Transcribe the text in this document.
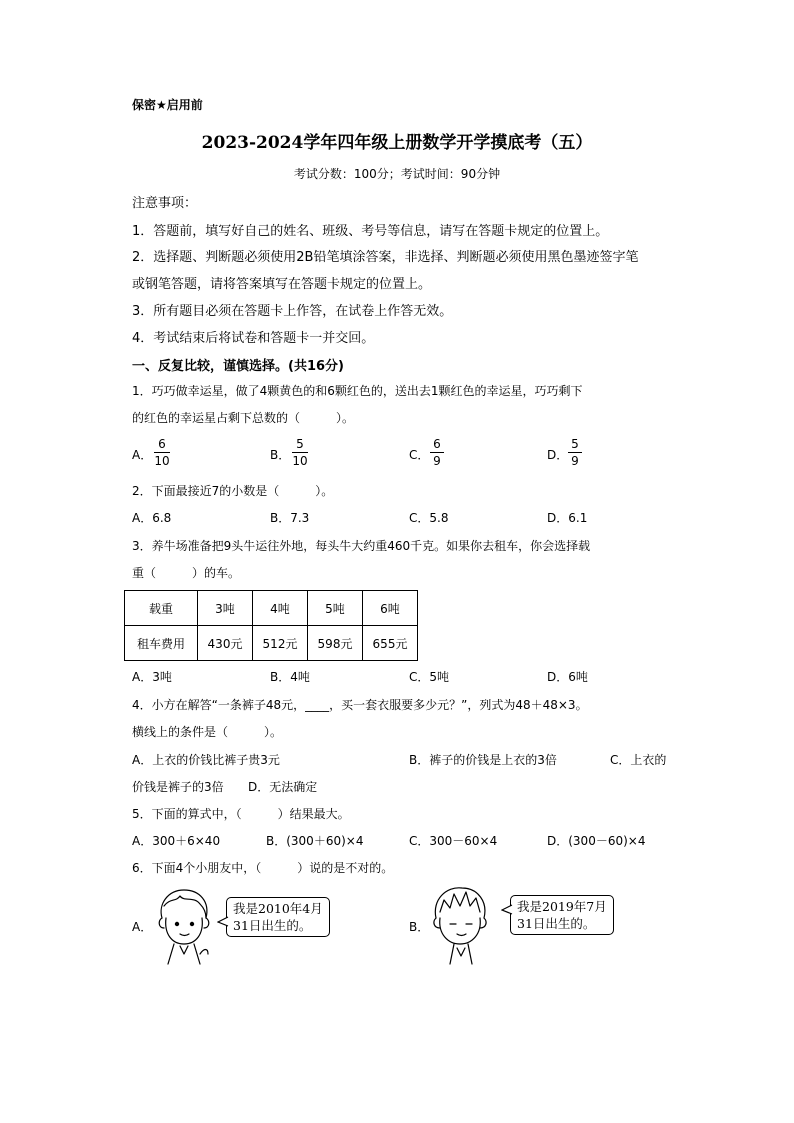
保密★启用前
2023-2024学年四年级上册数学开学摸底考（五）
考试分数：100分；考试时间：90分钟
注意事项：
1．答题前，填写好自己的姓名、班级、考号等信息，请写在答题卡规定的位置上。
2．选择题、判断题必须使用2B铅笔填涂答案，非选择、判断题必须使用黑色墨迹签字笔
或钢笔答题，请将答案填写在答题卡规定的位置上。
3．所有题目必须在答题卡上作答，在试卷上作答无效。
4．考试结束后将试卷和答题卡一并交回。
一、反复比较，谨慎选择。(共16分)
1．巧巧做幸运星，做了4颗黄色的和6颗红色的，送出去1颗红色的幸运星，巧巧剩下
的红色的幸运星占剩下总数的（　　　）。
A．
6
10	B．
5
10	C．
6
9	D．
5
9
2．下面最接近7的小数是（　　　）。
A．6.8	B．7.3	C．5.8	D．6.1
3．养牛场准备把9头牛运往外地，每头牛大约重460千克。如果你去租车，你会选择载
重（　　　）的车。
载重	3吨	4吨	5吨	6吨
租车费用	430元	512元	598元	655元
A．3吨	B．4吨	C．5吨	D．6吨
4．小方在解答“一条裤子48元，____，买一套衣服要多少元？”，列式为48＋48×3。
横线上的条件是（　　　）。
A．上衣的价钱比裤子贵3元	B．裤子的价钱是上衣的3倍	C．上衣的
价钱是裤子的3倍 D．无法确定
5．下面的算式中，（　　　）结果最大。
A．300＋6×40	B．(300＋60)×4	C．300－60×4	D．(300－60)×4
6．下面4个小朋友中，（　　　）说的是不对的。
A．
我是2010年4月
31日出生的。	B．
我是2019年7月
31日出生的。
